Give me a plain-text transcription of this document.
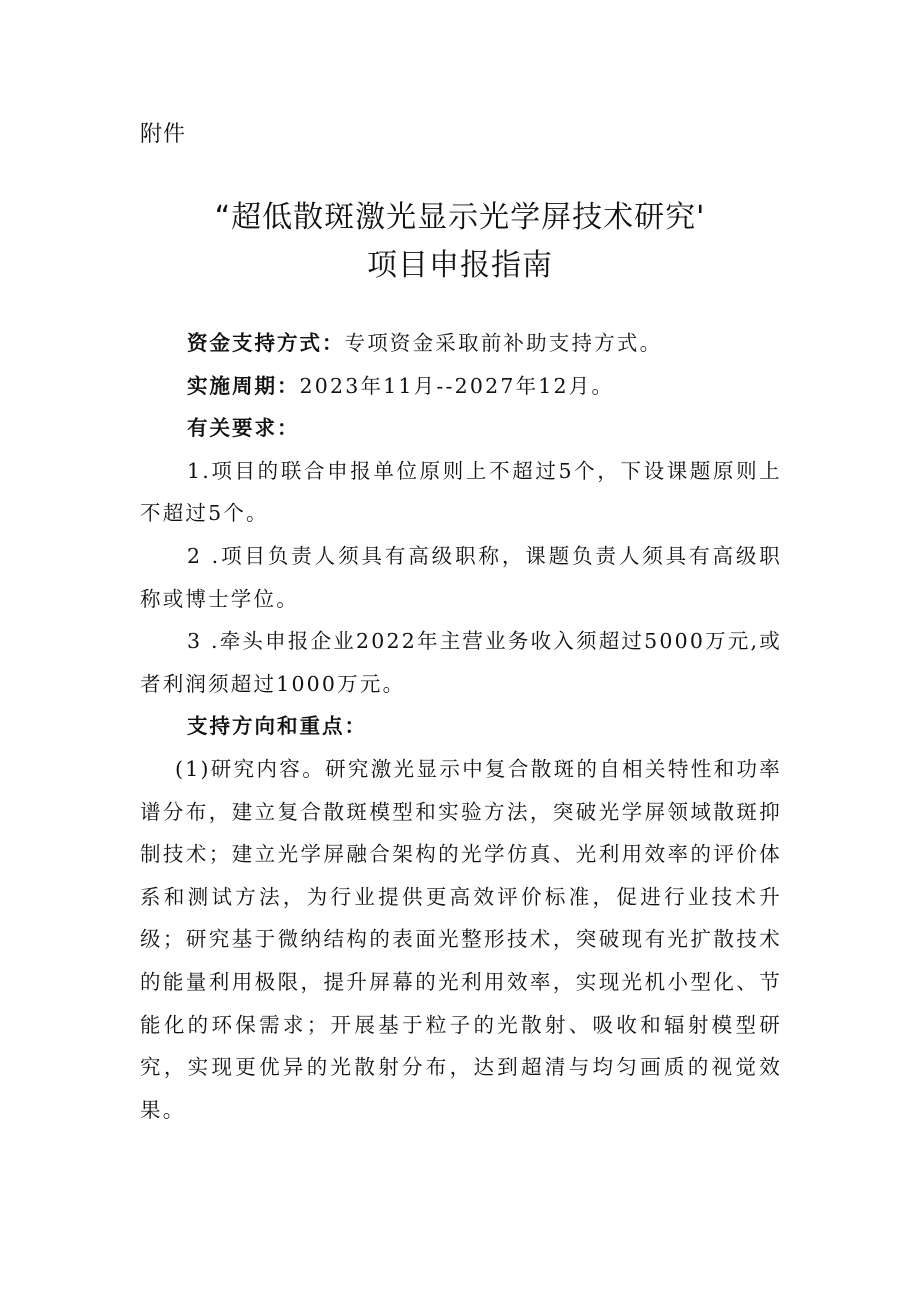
附件
“超低散斑激光显示光学屏技术研究'
项目申报指南

资金支持方式：专项资金采取前补助支持方式。

实施周期：2023年11月--2027年12月。

有关要求：

1.项目的联合申报单位原则上不超过5个，下设课题原则上不超过5个。

2 .项目负责人须具有高级职称，课题负责人须具有高级职称或博士学位。

3 .牵头申报企业2022年主营业务收入须超过5000万元,或者利润须超过1000万元。

支持方向和重点：

(1)研究内容。研究激光显示中复合散斑的自相关特性和功率谱分布，建立复合散斑模型和实验方法，突破光学屏领域散斑抑制技术；建立光学屏融合架构的光学仿真、光利用效率的评价体系和测试方法，为行业提供更高效评价标准，促进行业技术升级；研究基于微纳结构的表面光整形技术，突破现有光扩散技术的能量利用极限，提升屏幕的光利用效率，实现光机小型化、节能化的环保需求；开展基于粒子的光散射、吸收和辐射模型研究，实现更优异的光散射分布，达到超清与均匀画质的视觉效果。
